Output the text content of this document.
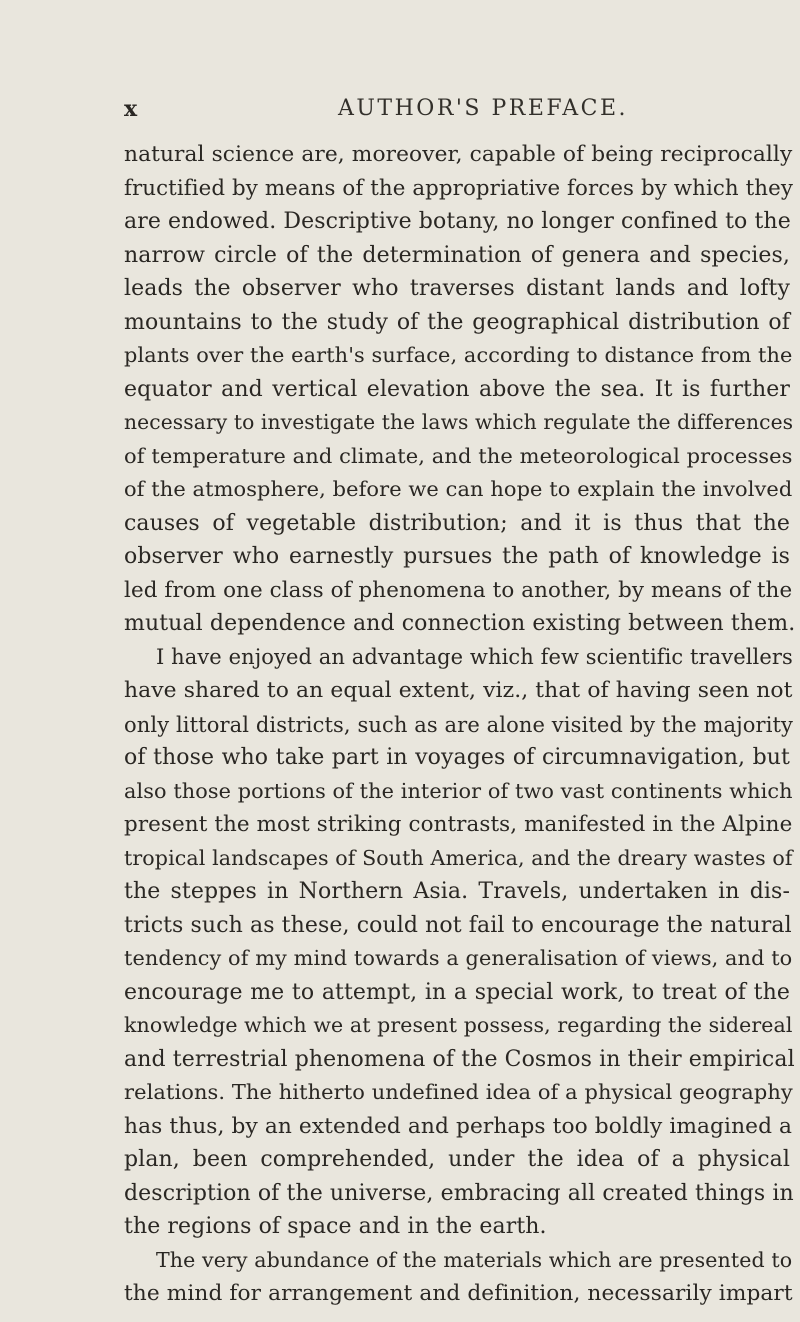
x	AUTHOR'S PREFACE.
natural science are, moreover, capable of being reciprocally
fructified by means of the appropriative forces by which they
are endowed. Descriptive botany, no longer confined to the
narrow circle of the determination of genera and species,
leads the observer who traverses distant lands and lofty
mountains to the study of the geographical distribution of
plants over the earth's surface, according to distance from the
equator and vertical elevation above the sea. It is further
necessary to investigate the laws which regulate the differences
of temperature and climate, and the meteorological processes
of the atmosphere, before we can hope to explain the involved
causes of vegetable distribution; and it is thus that the
observer who earnestly pursues the path of knowledge is
led from one class of phenomena to another, by means of the
mutual dependence and connection existing between them.
I have enjoyed an advantage which few scientific travellers
have shared to an equal extent, viz., that of having seen not
only littoral districts, such as are alone visited by the majority
of those who take part in voyages of circumnavigation, but
also those portions of the interior of two vast continents which
present the most striking contrasts, manifested in the Alpine
tropical landscapes of South America, and the dreary wastes of
the steppes in Northern Asia. Travels, undertaken in dis-
tricts such as these, could not fail to encourage the natural
tendency of my mind towards a generalisation of views, and to
encourage me to attempt, in a special work, to treat of the
knowledge which we at present possess, regarding the sidereal
and terrestrial phenomena of the Cosmos in their empirical
relations. The hitherto undefined idea of a physical geography
has thus, by an extended and perhaps too boldly imagined a
plan, been comprehended, under the idea of a physical
description of the universe, embracing all created things in
the regions of space and in the earth.
The very abundance of the materials which are presented to
the mind for arrangement and definition, necessarily impart
